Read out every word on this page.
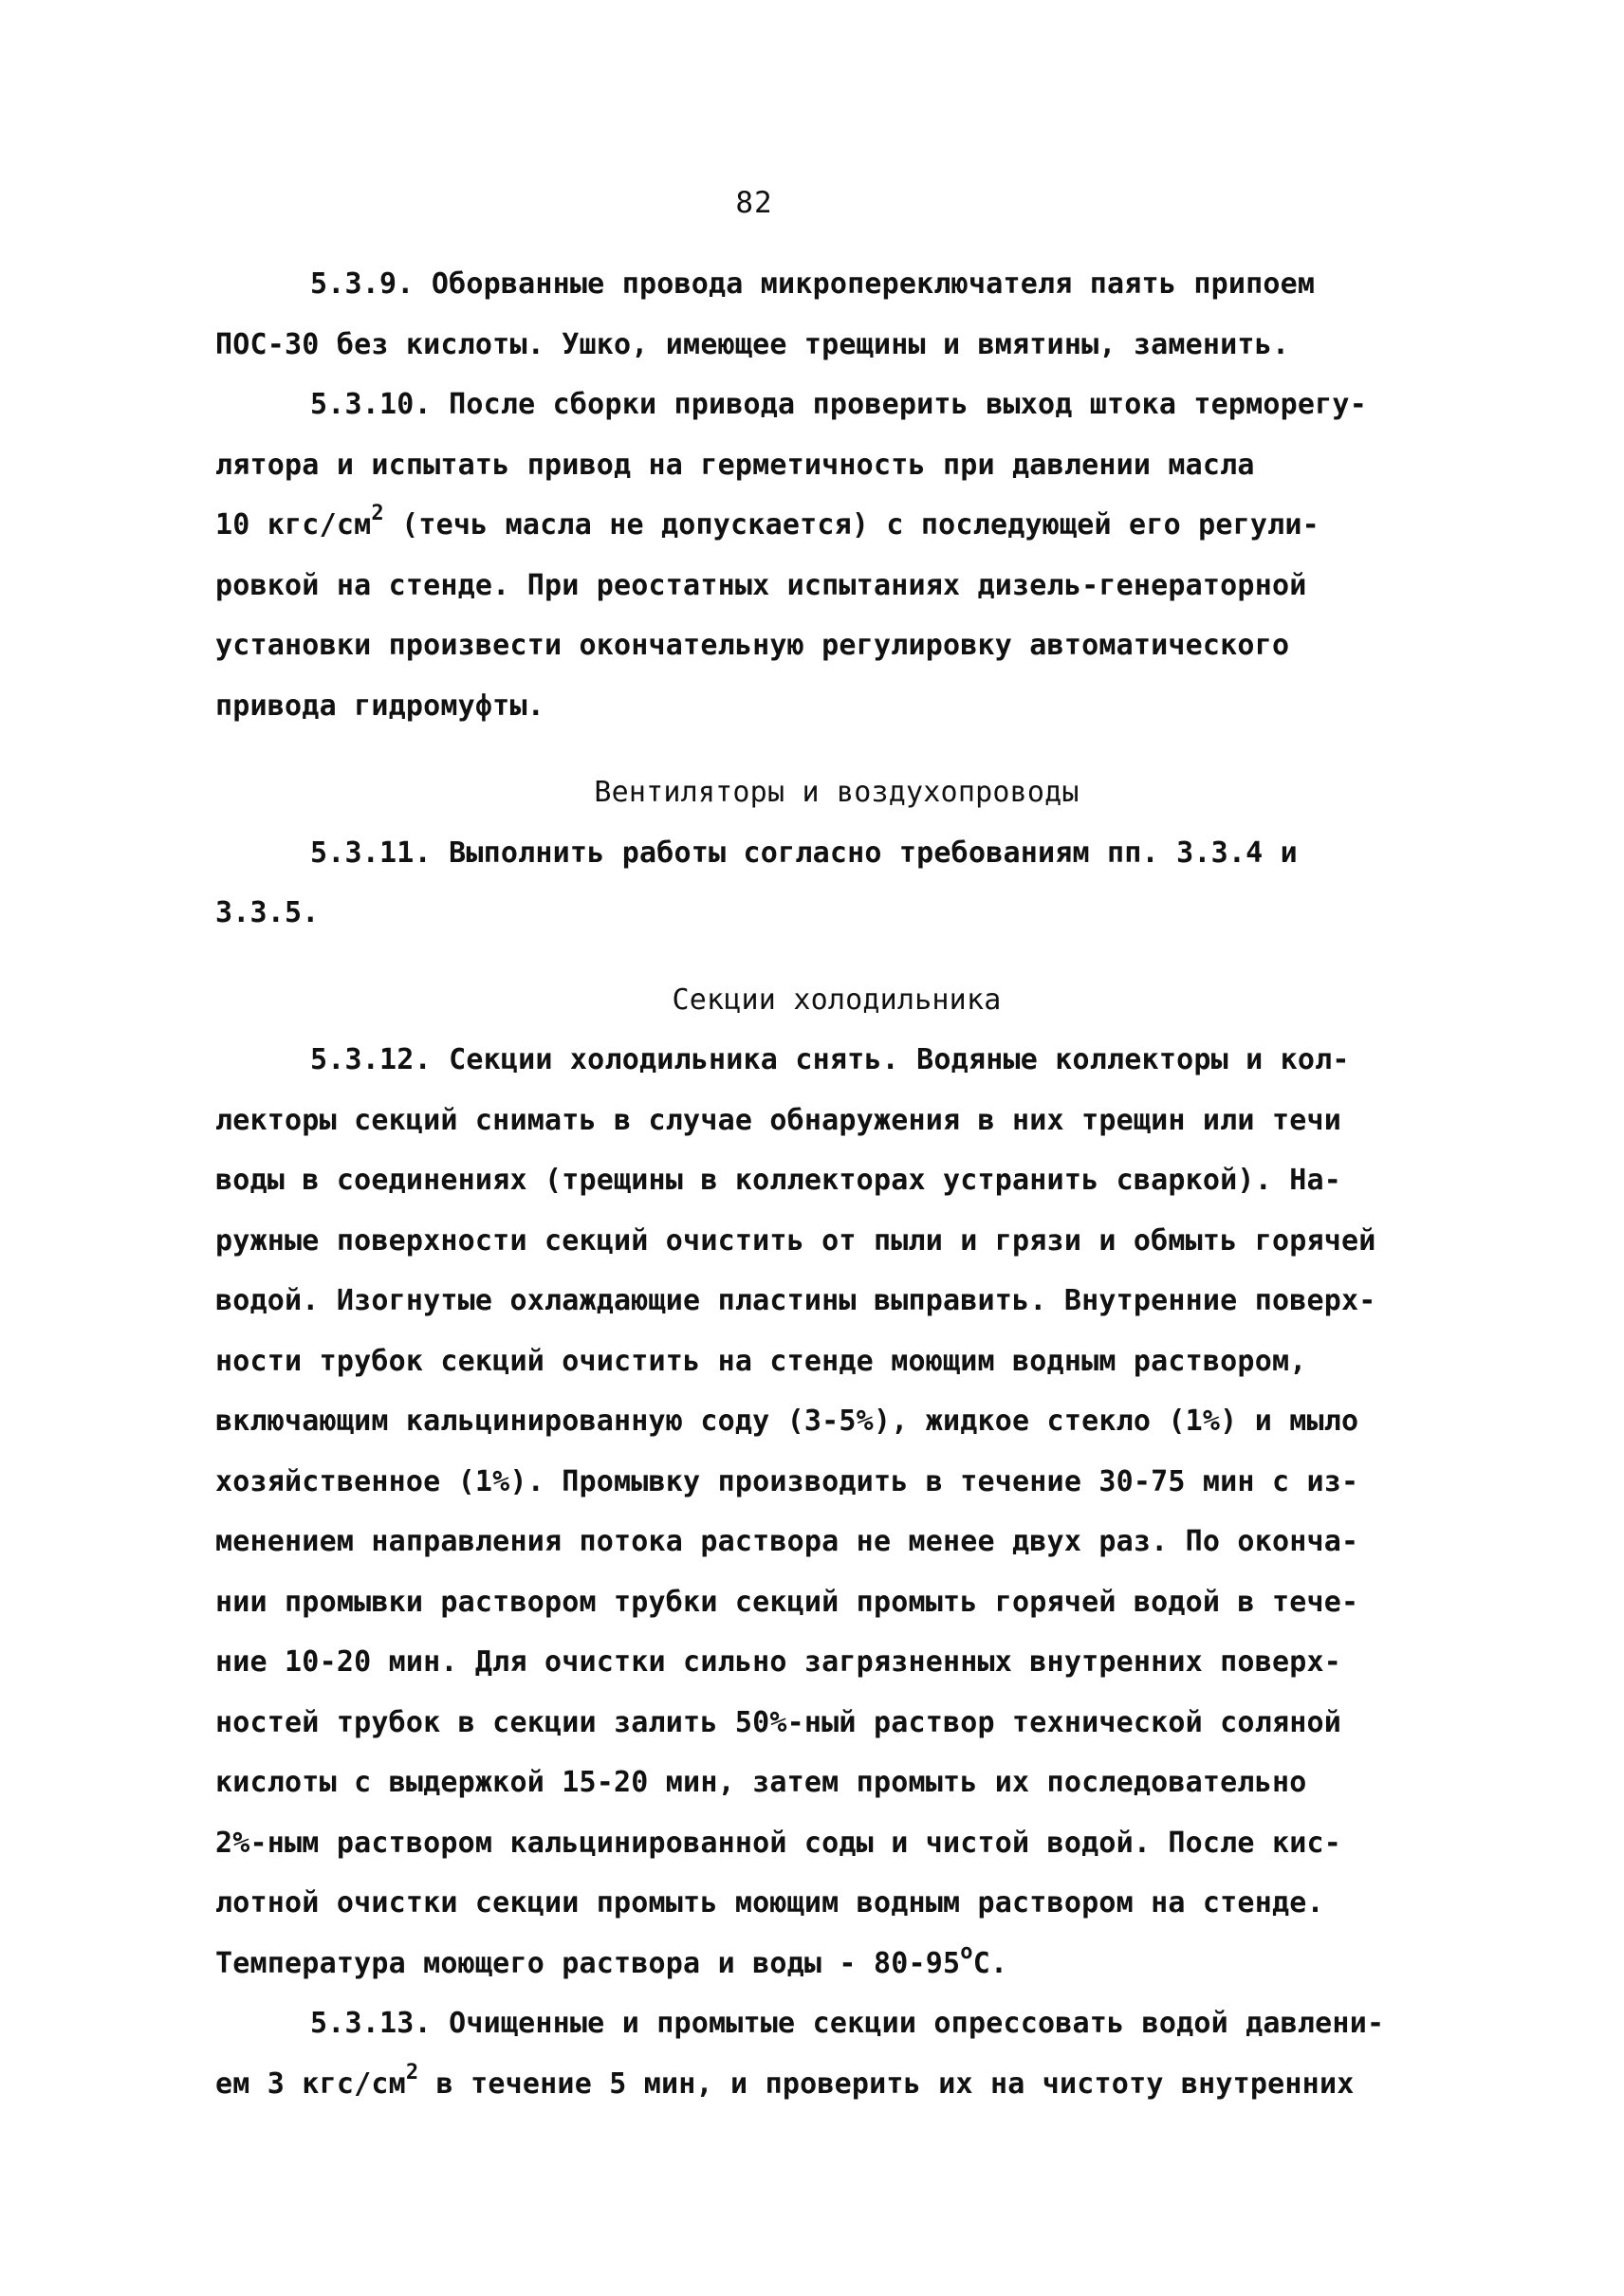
82
5.3.9. Оборванные провода микропереключателя паять припоем
ПОС-30 без кислоты. Ушко, имеющее трещины и вмятины, заменить.
5.3.10. После сборки привода проверить выход штока терморегу-
лятора и испытать привод на герметичность при давлении масла
10 кгс/$см^2$ (течь масла не допускается) с последующей его регули-
ровкой на стенде. При реостатных испытаниях дизель-генераторной
установки произвести окончательную регулировку автоматического
привода гидромуфты.
Вентиляторы и воздухопроводы
5.3.11. Выполнить работы согласно требованиям пп. 3.3.4 и
3.3.5.
Секции холодильника
5.3.12. Секции холодильника снять. Водяные коллекторы и кол-
лекторы секций снимать в случае обнаружения в них трещин или течи
воды в соединениях (трещины в коллекторах устранить сваркой). На-
ружные поверхности секций очистить от пыли и грязи и обмыть горячей
водой. Изогнутые охлаждающие пластины выправить. Внутренние поверх-
ности трубок секций очистить на стенде моющим водным раствором,
включающим кальцинированную соду (3-5%), жидкое стекло (1%) и мыло
хозяйственное (1%). Промывку производить в течение 30-75 мин с из-
менением направления потока раствора не менее двух раз. По оконча-
нии промывки раствором трубки секций промыть горячей водой в тече-
ние 10-20 мин. Для очистки сильно загрязненных внутренних поверх-
ностей трубок в секции залить 50%-ный раствор технической соляной
кислоты с выдержкой 15-20 мин, затем промыть их последовательно
2%-ным раствором кальцинированной соды и чистой водой. После кис-
лотной очистки секции промыть моющим водным раствором на стенде.
Температура моющего раствора и воды - $80-95^оС$.
5.3.13. Очищенные и промытые секции опрессовать водой давлени-
ем 3 кгс/$см^2$ в течение 5 мин, и проверить их на чистоту внутренних
